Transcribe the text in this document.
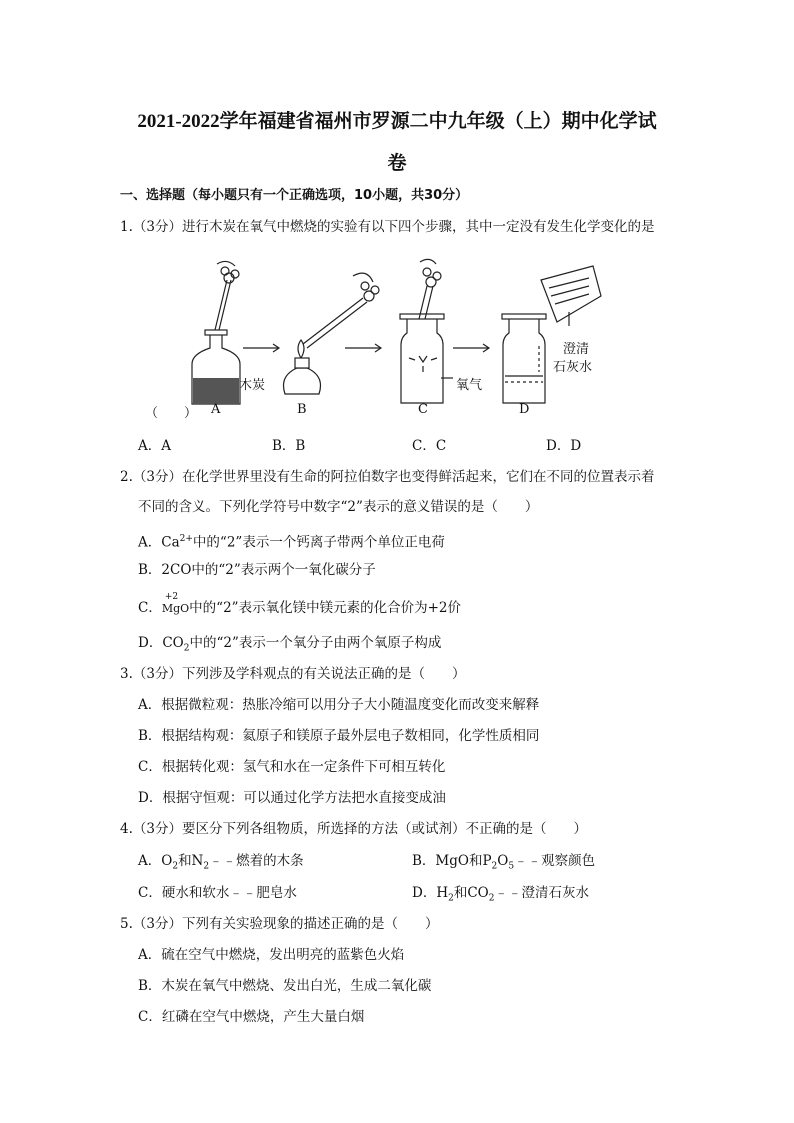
2021-2022学年福建省福州市罗源二中九年级（上）期中化学试
卷
一、选择题（每小题只有一个正确选项，10小题，共30分）
1.（3分）进行木炭在氧气中燃烧的实验有以下四个步骤，其中一定没有发生化学变化的是
木炭	氧气
澄清
石灰水
（　　） A	B	C	D
A．A	B．B	C．C	D．D
2.（3分）在化学世界里没有生命的阿拉伯数字也变得鲜活起来，它们在不同的位置表示着
不同的含义。下列化学符号中数字“2”表示的意义错误的是（　　）
A．$Ca^{2+}$中的“2”表示一个钙离子带两个单位正电荷
B．2CO中的“2”表示两个一氧化碳分子
C．
+2
MgO中的“2”表示氧化镁中镁元素的化合价为+2价
D．$CO_2$中的“2”表示一个氧分子由两个氧原子构成
3.（3分）下列涉及学科观点的有关说法正确的是（　　）
A．根据微粒观：热胀冷缩可以用分子大小随温度变化而改变来解释
B．根据结构观：氦原子和镁原子最外层电子数相同，化学性质相同
C．根据转化观：氢气和水在一定条件下可相互转化
D．根据守恒观：可以通过化学方法把水直接变成油
4.（3分）要区分下列各组物质，所选择的方法（或试剂）不正确的是（　　）
A．$O_2$和$N_2﹣﹣$燃着的木条	B．MgO和$P_2O_5﹣﹣$观察颜色
C．硬水和软水﹣﹣肥皂水	D．$H_2$和$CO_2﹣﹣$澄清石灰水
5.（3分）下列有关实验现象的描述正确的是（　　）
A．硫在空气中燃烧，发出明亮的蓝紫色火焰
B．木炭在氧气中燃烧、发出白光，生成二氧化碳
C．红磷在空气中燃烧，产生大量白烟
